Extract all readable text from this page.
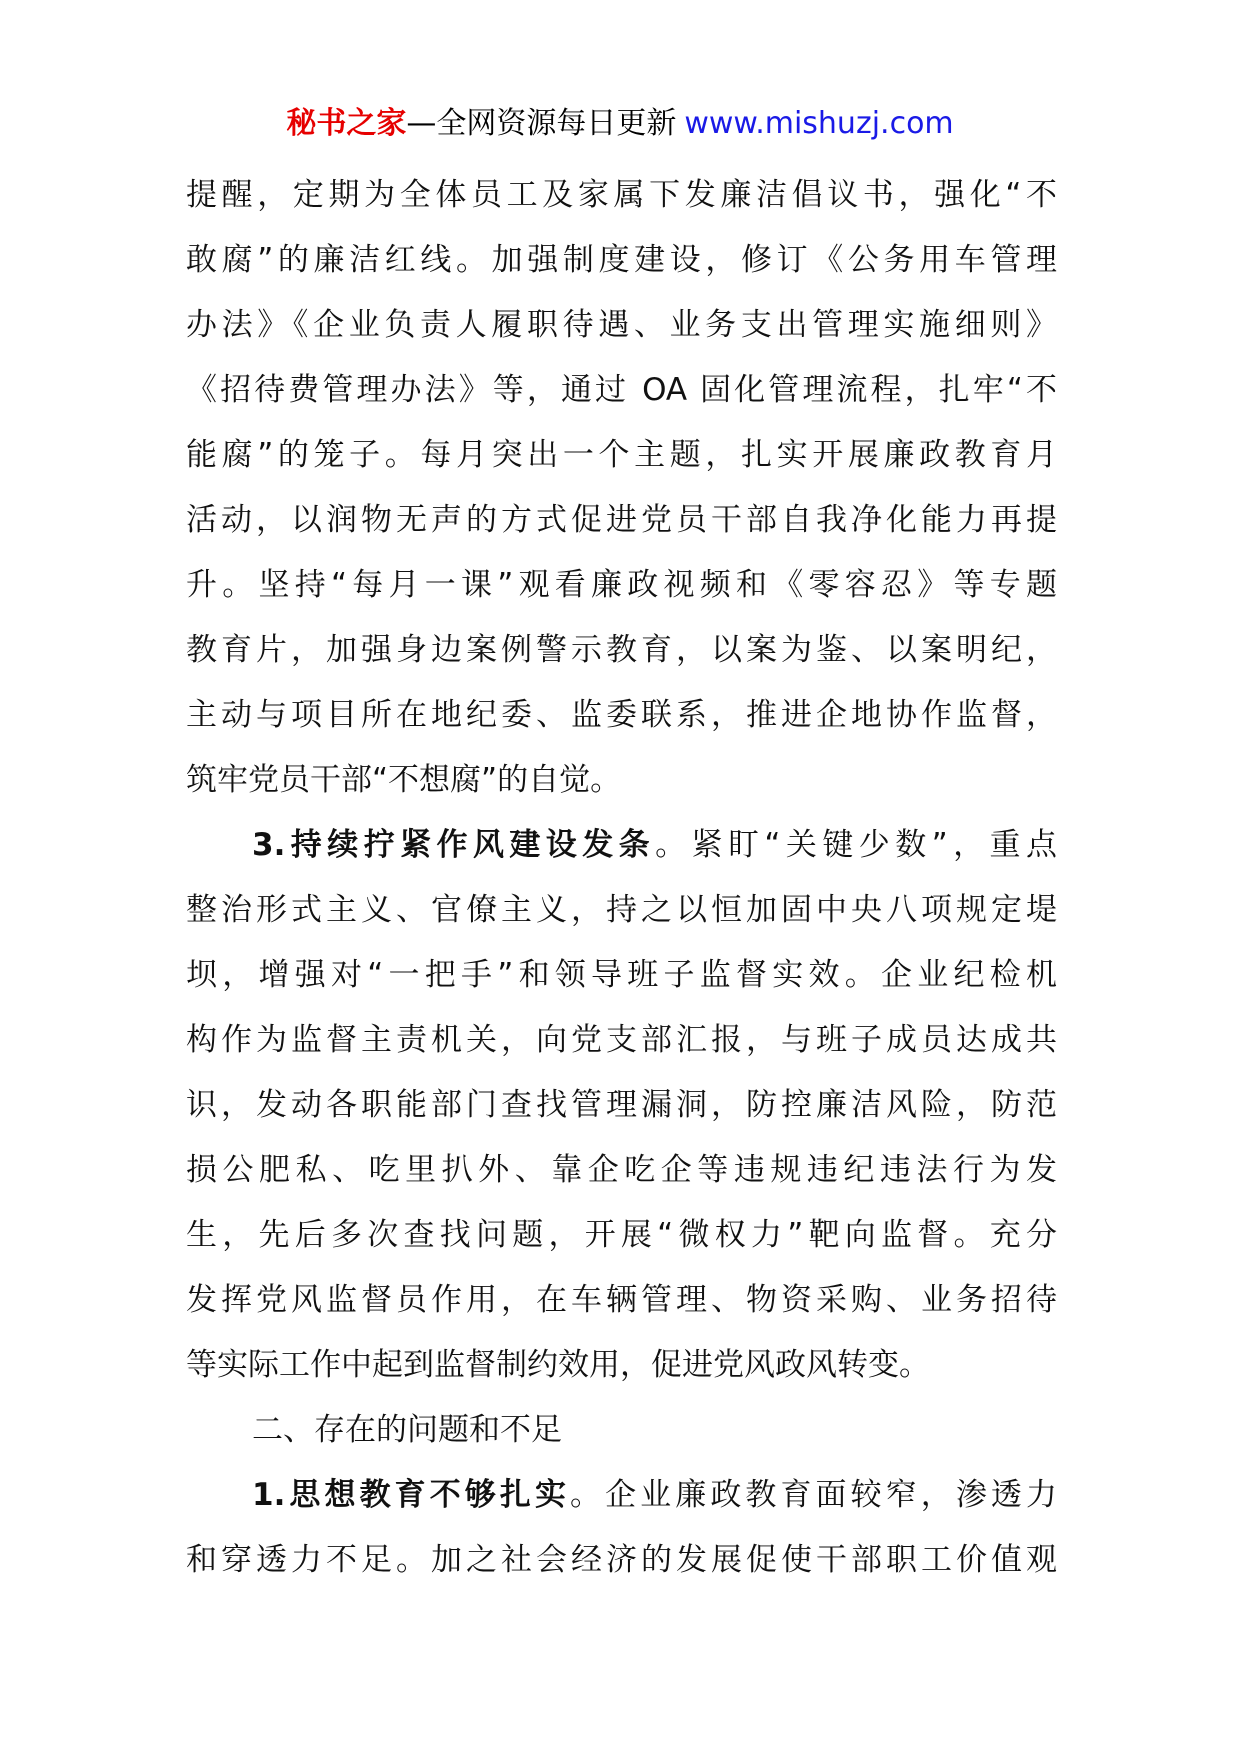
秘书之家—全网资源每日更新 www.mishuzj.com
提醒，定期为全体员工及家属下发廉洁倡议书，强化“不
敢腐”的廉洁红线。加强制度建设，修订《公务用车管理
办法》《企业负责人履职待遇、业务支出管理实施细则》
《招待费管理办法》等，通过 OA 固化管理流程，扎牢“不
能腐”的笼子。每月突出一个主题，扎实开展廉政教育月
活动，以润物无声的方式促进党员干部自我净化能力再提
升。坚持“每月一课”观看廉政视频和《零容忍》等专题
教育片，加强身边案例警示教育，以案为鉴、以案明纪，
主动与项目所在地纪委、监委联系，推进企地协作监督，
筑牢党员干部“不想腐”的自觉。
3.持续拧紧作风建设发条。紧盯“关键少数”，重点
整治形式主义、官僚主义，持之以恒加固中央八项规定堤
坝，增强对“一把手”和领导班子监督实效。企业纪检机
构作为监督主责机关，向党支部汇报，与班子成员达成共
识，发动各职能部门查找管理漏洞，防控廉洁风险，防范
损公肥私、吃里扒外、靠企吃企等违规违纪违法行为发
生，先后多次查找问题，开展“微权力”靶向监督。充分
发挥党风监督员作用，在车辆管理、物资采购、业务招待
等实际工作中起到监督制约效用，促进党风政风转变。
二、存在的问题和不足
1.思想教育不够扎实。企业廉政教育面较窄，渗透力
和穿透力不足。加之社会经济的发展促使干部职工价值观
